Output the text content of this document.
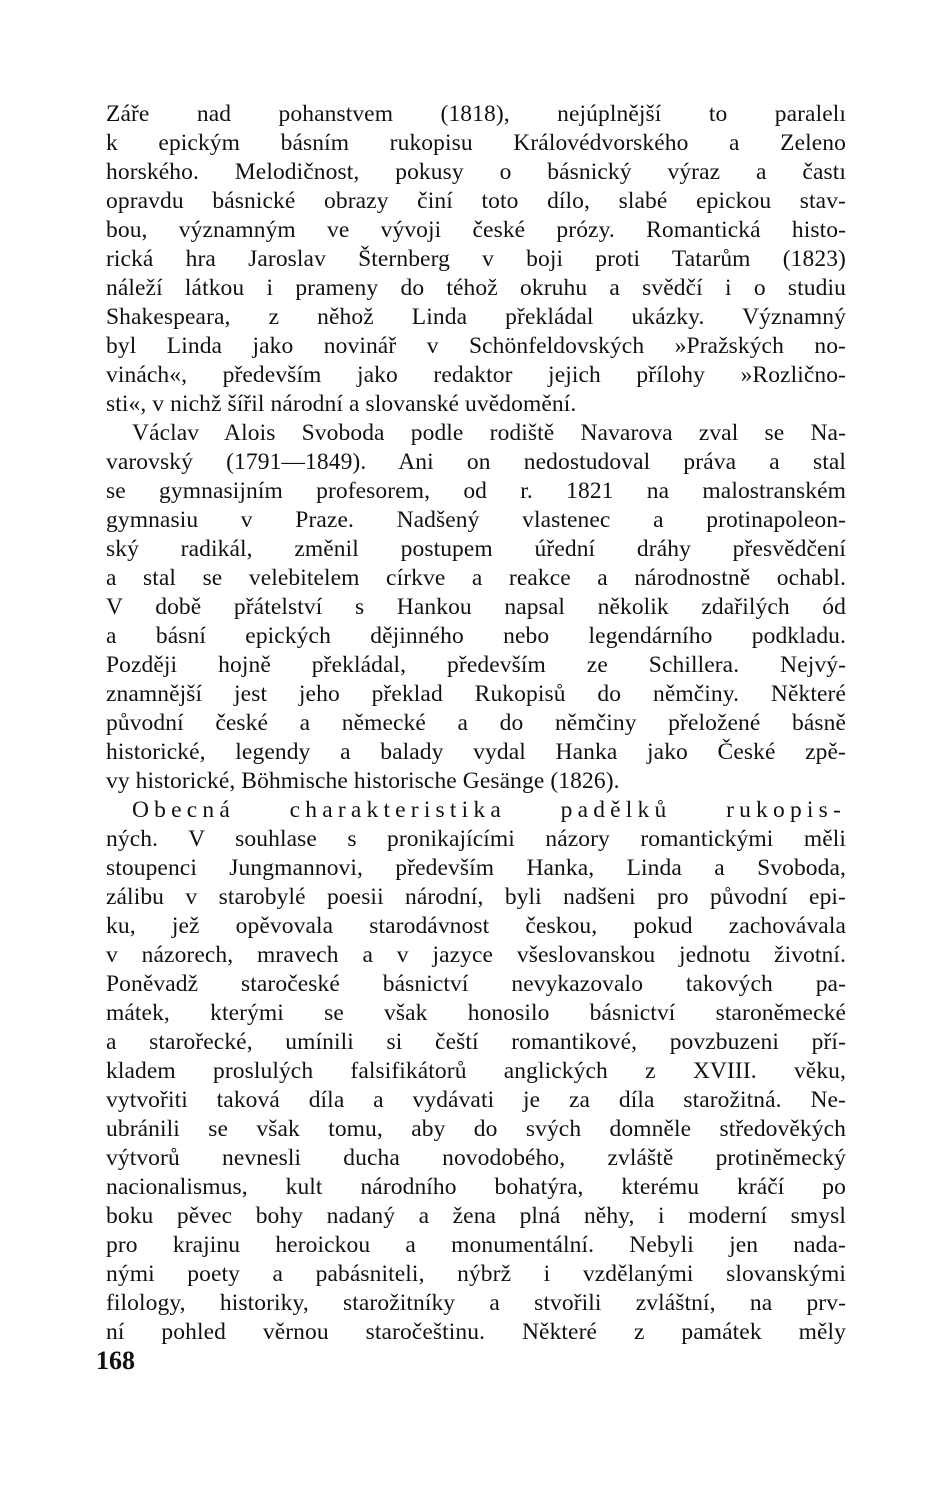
Záře nad pohanstvem (1818), nejúplnější to paralelı
k epickým básním rukopisu Královédvorského a Zeleno
horského. Melodičnost, pokusy o básnický výraz a častı
opravdu básnické obrazy činí toto dílo, slabé epickou stav-
bou, významným ve vývoji české prózy. Romantická histo-
rická hra Jaroslav Šternberg v boji proti Tatarům (1823)
náleží látkou i prameny do téhož okruhu a svědčí i o studiu
Shakespeara, z něhož Linda překládal ukázky. Významný
byl Linda jako novinář v Schönfeldovských »Pražských no-
vinách«, především jako redaktor jejich přílohy »Rozličnо-
sti«, v nichž šířil národní a slovanské uvědomění.
Václav Alois Svoboda podle rodiště Navarova zval se Na-
varovský (1791—1849). Ani on nedostudoval práva a stal
se gymnasijním profesorem, od r. 1821 na malostranském
gymnasiu v Praze. Nadšený vlastenec a protinapoleon-
ský radikál, změnil postupem úřední dráhy přesvědčení
a stal se velebitelem církve a reakce a národnostně ochabl.
V době přátelství s Hankou napsal několik zdařilých ód
a básní epických dějinného nebo legendárního podkladu.
Později hojně překládal, především ze Schillera. Nejvý-
znamnější jest jeho překlad Rukopisů do němčiny. Některé
původní české a německé a do němčiny přeložené básně
historické, legendy a balady vydal Hanka jako České zpě-
vy historické, Böhmische historische Gesänge (1826).
Obecná charakteristika padělků rukopis-
ných. V souhlase s pronikajícími názory romantickými měli
stoupenci Jungmannovi, především Hanka, Linda a Svoboda,
zálibu v starobylé poesii národní, byli nadšeni pro původní epi-
ku, jež opěvovala starodávnost českou, pokud zachovávala
v názorech, mravech a v jazyce všeslovanskou jednotu životní.
Poněvadž staročeské básnictví nevykazovalo takových pa-
mátek, kterými se však honosilo básnictví staroněmecké
a starořecké, umínili si čeští romantikové, povzbuzeni pří-
kladem proslulých falsifikátorů anglických z XVIII. věku,
vytvořiti taková díla a vydávati je za díla starožitná. Ne-
ubránili se však tomu, aby do svých domněle středověkých
výtvorů nevnesli ducha novodobého, zvláště protiněmecký
nacionalismus, kult národního bohatýra, kterému kráčí po
boku pěvec bohy nadaný a žena plná něhy, i moderní smysl
pro krajinu heroickou a monumentální. Nebyli jen nada-
nými poety a pabásniteli, nýbrž i vzdělanými slovanskými
filology, historiky, starožitníky a stvořili zvláštní, na prv-
ní pohled věrnou staročeštinu. Některé z památek měly
168
